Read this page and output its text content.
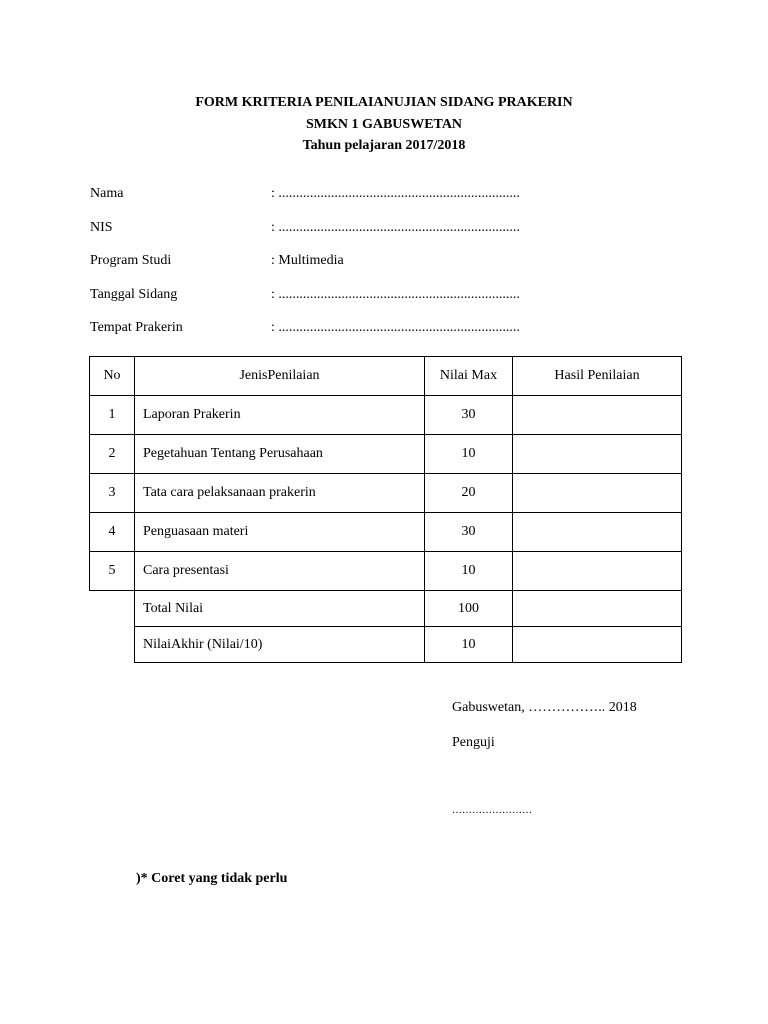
FORM KRITERIA PENILAIANUJIAN SIDANG PRAKERIN
SMKN 1 GABUSWETAN
Tahun pelajaran 2017/2018
Nama	: .....................................................................
NIS	: .....................................................................
Program Studi	: Multimedia
Tanggal Sidang	: .....................................................................
Tempat Prakerin	: .....................................................................
No	JenisPenilaian	Nilai Max	Hasil Penilaian
1	Laporan Prakerin	30	
2	Pegetahuan Tentang Perusahaan	10	
3	Tata cara pelaksanaan prakerin	20	
4	Penguasaan materi	30	
5	Cara presentasi	10	
	Total Nilai	100	
	NilaiAkhir (Nilai/10)	10	
Gabuswetan, …………….. 2018
Penguji
……………………
)* Coret yang tidak perlu
